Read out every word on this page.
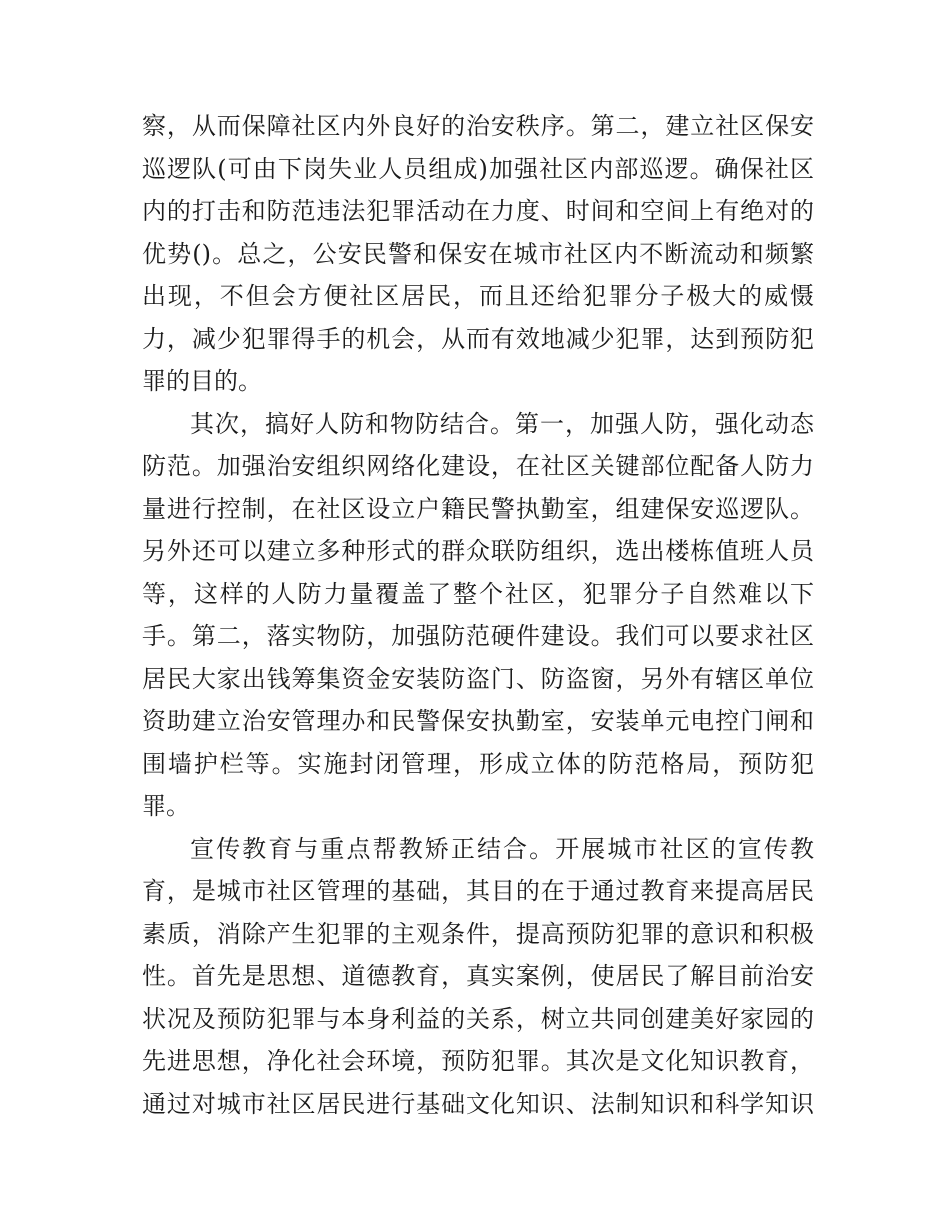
察，从而保障社区内外良好的治安秩序。第二，建立社区保安
巡逻队(可由下岗失业人员组成)加强社区内部巡逻。确保社区
内的打击和防范违法犯罪活动在力度、时间和空间上有绝对的
优势()。总之，公安民警和保安在城市社区内不断流动和频繁
出现，不但会方便社区居民，而且还给犯罪分子极大的威慑
力，减少犯罪得手的机会，从而有效地减少犯罪，达到预防犯
罪的目的。
其次，搞好人防和物防结合。第一，加强人防，强化动态
防范。加强治安组织网络化建设，在社区关键部位配备人防力
量进行控制，在社区设立户籍民警执勤室，组建保安巡逻队。
另外还可以建立多种形式的群众联防组织，选出楼栋值班人员
等，这样的人防力量覆盖了整个社区，犯罪分子自然难以下
手。第二，落实物防，加强防范硬件建设。我们可以要求社区
居民大家出钱筹集资金安装防盗门、防盗窗，另外有辖区单位
资助建立治安管理办和民警保安执勤室，安装单元电控门闸和
围墙护栏等。实施封闭管理，形成立体的防范格局，预防犯
罪。
宣传教育与重点帮教矫正结合。开展城市社区的宣传教
育，是城市社区管理的基础，其目的在于通过教育来提高居民
素质，消除产生犯罪的主观条件，提高预防犯罪的意识和积极
性。首先是思想、道德教育，真实案例，使居民了解目前治安
状况及预防犯罪与本身利益的关系，树立共同创建美好家园的
先进思想，净化社会环境，预防犯罪。其次是文化知识教育，
通过对城市社区居民进行基础文化知识、法制知识和科学知识
